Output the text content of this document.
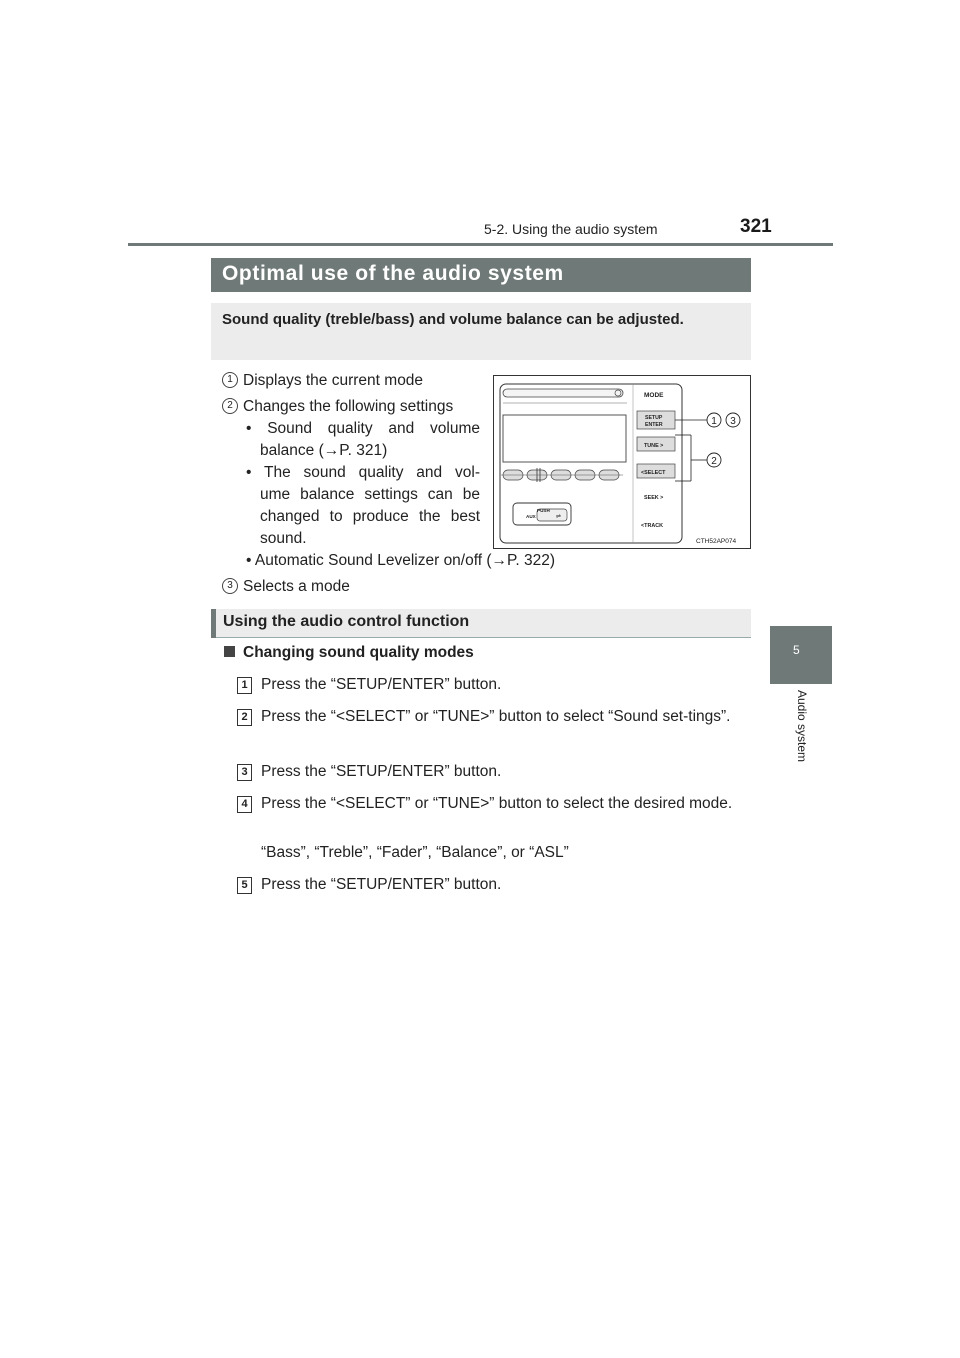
5-2. Using the audio system	321
5
Audio system
Optimal use of the audio system
Sound quality (treble/bass) and volume balance can be adjusted.
1 Displays the current mode
2 Changes the following settings
• Sound quality and volume
balance (→P. 321)
• The sound quality and vol-
ume balance settings can be
changed to produce the best
sound.
• Automatic Sound Levelizer on/off (→P. 322)
3 Selects a mode
PUSH
AUX	⇌
MODE
SETUP
ENTER
TUNE >
<SELECT
SEEK >
<TRACK
1 3
2
CTH52AP074
Using the audio control function
Changing sound quality modes
1 Press the “SETUP/ENTER” button.
2 Press the “<SELECT” or “TUNE>” button to select “Sound set-tings”.
3 Press the “SETUP/ENTER” button.
4 Press the “<SELECT” or “TUNE>” button to select the desired mode.
“Bass”, “Treble”, “Fader”, “Balance”, or “ASL”
5 Press the “SETUP/ENTER” button.
